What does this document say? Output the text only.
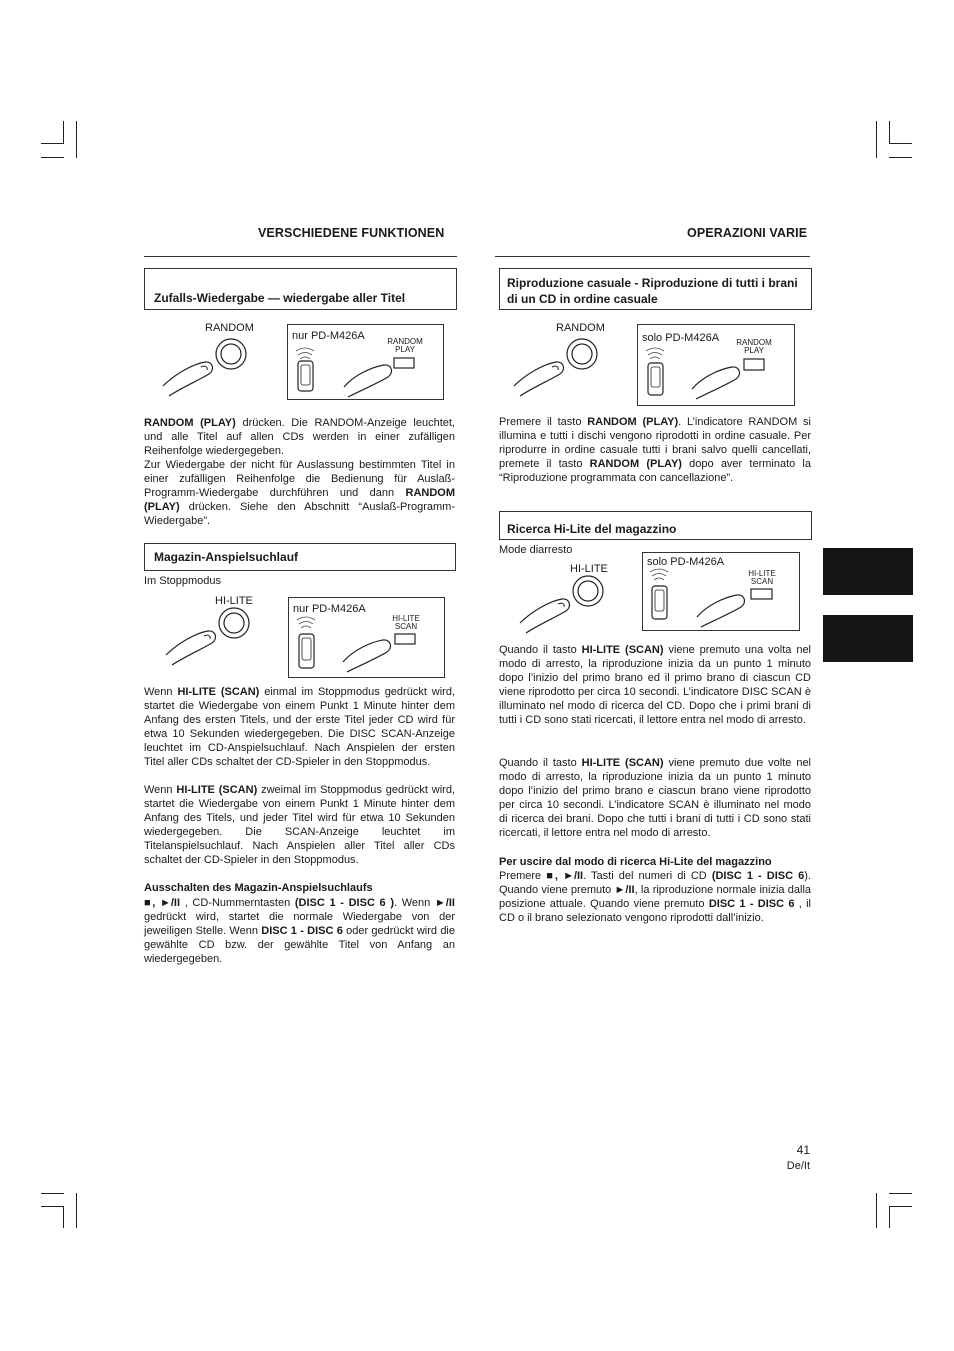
VERSCHIEDENE FUNKTIONEN
Zufalls-Wiedergabe — wiedergabe aller Titel
RANDOM
nur PD-M426A	RANDOM
PLAY
RANDOM (PLAY) drücken. Die RANDOM-Anzeige leuchtet, und alle Titel auf allen CDs werden in einer zufälligen Reihenfolge wiedergegeben.
Zur Wiedergabe der nicht für Auslassung bestimmten Titel in einer zufälligen Reihenfolge die Bedienung für Auslaß-Programm-Wiedergabe durchführen und dann RANDOM (PLAY) drücken. Siehe den Abschnitt “Auslaß-Programm-Wiedergabe”.
Magazin-Anspielsuchlauf
Im Stoppmodus
HI-LITE
nur PD-M426A
HI-LITE
SCAN
Wenn HI-LITE (SCAN) einmal im Stoppmodus gedrückt wird, startet die Wiedergabe von einem Punkt 1 Minute hinter dem Anfang des ersten Titels, und der erste Titel jeder CD wird für etwa 10 Sekunden wiedergegeben. Die DISC SCAN-Anzeige leuchtet im CD-Anspielsuchlauf. Nach Anspielen der ersten Titel aller CDs schaltet der CD-Spieler in den Stoppmodus.
Wenn HI-LITE (SCAN) zweimal im Stoppmodus gedrückt wird, startet die Wiedergabe von einem Punkt 1 Minute hinter dem Anfang des Titels, und jeder Titel wird für etwa 10 Sekunden wiedergegeben. Die SCAN-Anzeige leuchtet im Titelanspielsuchlauf. Nach Anspielen aller Titel aller CDs schaltet der CD-Spieler in den Stoppmodus.
Ausschalten des Magazin-Anspielsuchlaufs
■, ►/II , CD-Nummerntasten (DISC 1 - DISC 6 ). Wenn ►/II gedrückt wird, startet die normale Wiedergabe von der jeweiligen Stelle. Wenn DISC 1 - DISC 6 oder gedrückt wird die gewählte CD bzw. der gewählte Titel von Anfang an wiedergegeben.
OPERAZIONI VARIE
Riproduzione casuale - Riproduzione di tutti i brani di un CD in ordine casuale
RANDOM
solo PD-M426A	RANDOM
PLAY
Premere il tasto RANDOM (PLAY). L’indicatore RANDOM si illumina e tutti i dischi vengono riprodotti in ordine casuale. Per riprodurre in ordine casuale tutti i brani salvo quelli cancellati, premete il tasto RANDOM (PLAY) dopo aver terminato la “Riproduzione programmata con cancellazione”.
Ricerca Hi-Lite del magazzino
Mode diarresto
HI-LITE
solo PD-M426A
HI-LITE
SCAN
Quando il tasto HI-LITE (SCAN) viene premuto una volta nel modo di arresto, la riproduzione inizia da un punto 1 minuto dopo l’inizio del primo brano ed il primo brano di ciascun CD viene riprodotto per circa 10 secondi. L’indicatore DISC SCAN è illuminato nel modo di ricerca del CD. Dopo che i primi brani di tutti i CD sono stati ricercati, il lettore entra nel modo di arresto.
Quando il tasto HI-LITE (SCAN) viene premuto due volte nel modo di arresto, la riproduzione inizia da un punto 1 minuto dopo l’inizio del primo brano e ciascun brano viene riprodotto per circa 10 secondi. L’indicatore SCAN è illuminato nel modo di ricerca dei brani. Dopo che tutti i brani di tutti i CD sono stati ricercati, il lettore entra nel modo di arresto.
Per uscire dal modo di ricerca Hi-Lite del magazzino
Premere ■, ►/II. Tasti del numeri di CD (DISC 1 - DISC 6). Quando viene premuto ►/II, la riproduzione normale inizia dalla posizione attuale. Quando viene premuto DISC 1 - DISC 6 , il CD o il brano selezionato vengono riprodotti dall’inizio.
41
De/It
